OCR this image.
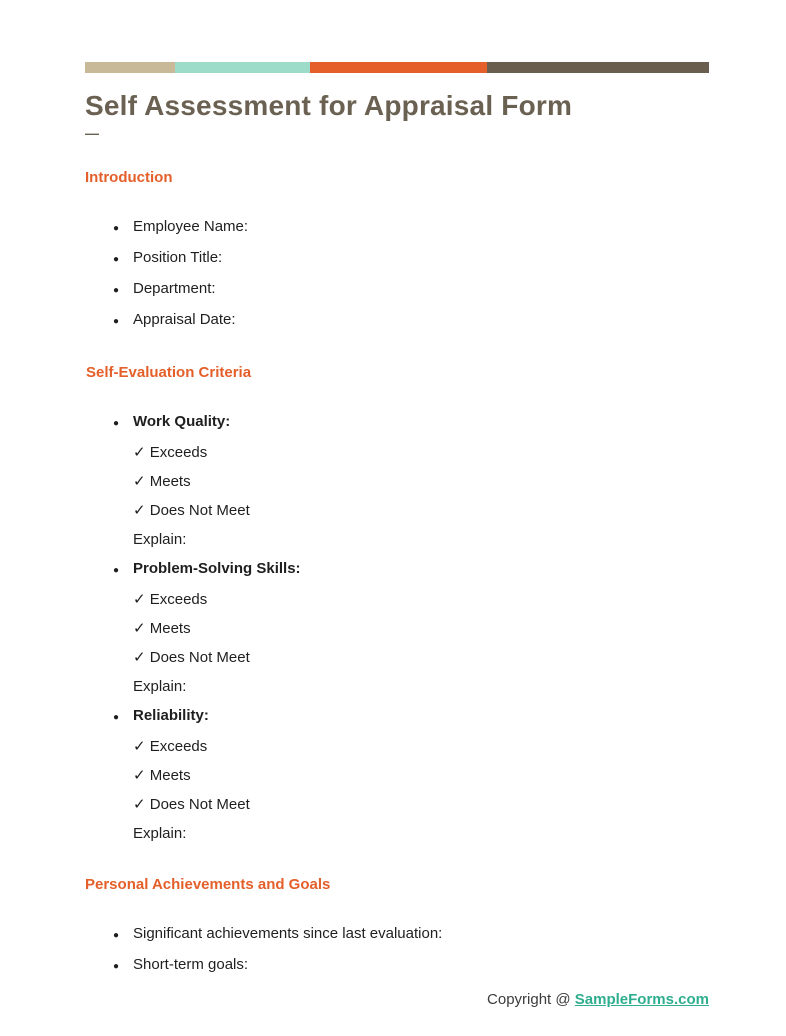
Self Assessment for Appraisal Form
—
Introduction
● Employee Name:
● Position Title:
● Department:
● Appraisal Date:
Self-Evaluation Criteria
● Work Quality:
✓ Exceeds
✓ Meets
✓ Does Not Meet
Explain:
● Problem-Solving Skills:
✓ Exceeds
✓ Meets
✓ Does Not Meet
Explain:
● Reliability:
✓ Exceeds
✓ Meets
✓ Does Not Meet
Explain:
Personal Achievements and Goals
● Significant achievements since last evaluation:
● Short-term goals:
Copyright @ SampleForms.com
